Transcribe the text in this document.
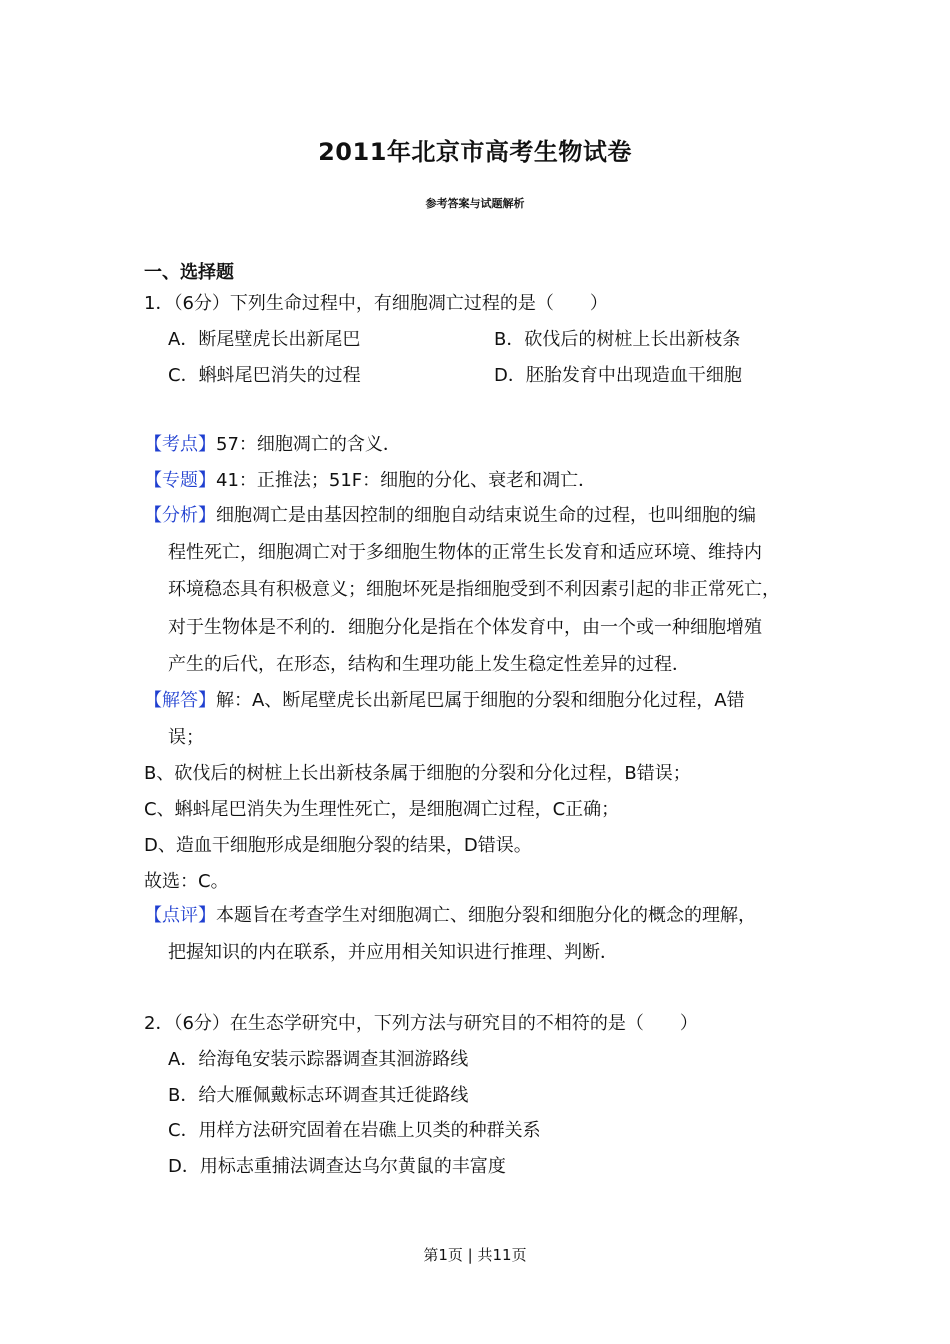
2011年北京市高考生物试卷
参考答案与试题解析
一、选择题
1．（6分）下列生命过程中，有细胞凋亡过程的是（　　）
A．断尾壁虎长出新尾巴	B．砍伐后的树桩上长出新枝条
C．蝌蚪尾巴消失的过程	D．胚胎发育中出现造血干细胞
【考点】57：细胞凋亡的含义．
【专题】41：正推法；51F：细胞的分化、衰老和凋亡．
【分析】细胞凋亡是由基因控制的细胞自动结束说生命的过程，也叫细胞的编
程性死亡，细胞凋亡对于多细胞生物体的正常生长发育和适应环境、维持内
环境稳态具有积极意义；细胞坏死是指细胞受到不利因素引起的非正常死亡，
对于生物体是不利的．细胞分化是指在个体发育中，由一个或一种细胞增殖
产生的后代，在形态，结构和生理功能上发生稳定性差异的过程．
【解答】解：A、断尾壁虎长出新尾巴属于细胞的分裂和细胞分化过程，A错
误；
B、砍伐后的树桩上长出新枝条属于细胞的分裂和分化过程，B错误；
C、蝌蚪尾巴消失为生理性死亡，是细胞凋亡过程，C正确；
D、造血干细胞形成是细胞分裂的结果，D错误。
故选：C。
【点评】本题旨在考查学生对细胞凋亡、细胞分裂和细胞分化的概念的理解，
把握知识的内在联系，并应用相关知识进行推理、判断．
2．（6分）在生态学研究中，下列方法与研究目的不相符的是（　　）
A．给海龟安装示踪器调查其洄游路线
B．给大雁佩戴标志环调查其迁徙路线
C．用样方法研究固着在岩礁上贝类的种群关系
D．用标志重捕法调查达乌尔黄鼠的丰富度
第1页 | 共11页
